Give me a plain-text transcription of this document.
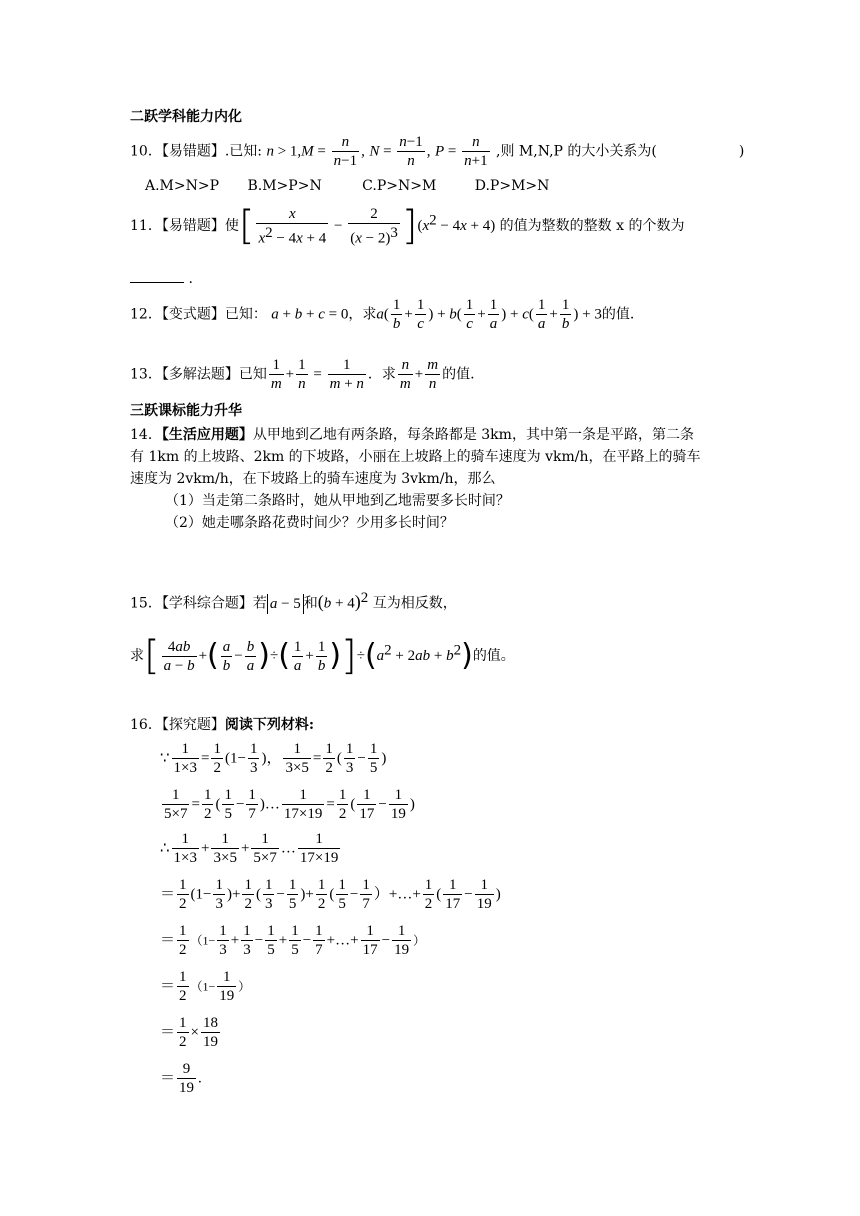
二跃学科能力内化
10．【易错题】.已知: $n > 1,M = \frac{n}{n-1}$ , $N = \frac{n-1}{n}$ , $P = \frac{n}{n+1}$ ,则 M,N,P 的大小关系为(	)
A.M>N>P B.M>P>N	C.P>N>M	D.P>M>N
11．【易错题】使[ $\frac{x}{x^2 - 4x + 4} - \frac{2}{(x - 2)^3} ](x^2 - 4x + 4)$ 的值为整数的整数 x 的个数为
.
12．【变式题】已知： a + b + c = 0，求$a( \frac{1}{b} + \frac{1}{c}$ ) + $b( \frac{1}{c} + \frac{1}{a}$ ) + $c( \frac{1}{a} + \frac{1}{b}$ ) + 3的值.
13．【多解法题】已知 $\frac{1}{m} + \frac{1}{n} = \frac{1}{m + n}$ ．求 $\frac{n}{m} + \frac{m}{n}$ 的值.
三跃课标能力升华
14．【生活应用题】从甲地到乙地有两条路，每条路都是 3km，其中第一条是平路，第二条
有 1km 的上坡路、2km 的下坡路，小丽在上坡路上的骑车速度为 vkm/h，在平路上的骑车
速度为 2vkm/h，在下坡路上的骑车速度为 3vkm/h，那么
（1）当走第二条路时，她从甲地到乙地需要多长时间？
（2）她走哪条路花费时间少？少用多长时间？
15．【学科综合题】若 a − 5 和$(b + 4)^2$ 互为相反数，
求[ $\frac{4ab}{a - b}$ +( $\frac{a}{b} - \frac{b}{a}$ )÷( $\frac{1}{a} + \frac{1}{b} )]\div(a^2 + 2ab + b^2)$的值。
16．【探究题】阅读下列材料:
∵ $\frac{1}{1\times 3} = \frac{1}{2} (1- \frac{1}{3}$ )， $\frac{1}{3\times 5} = \frac{1}{2}$ ( $\frac{1}{3} - \frac{1}{5}$ )
$\frac{1}{5\times 7} = \frac{1}{2}$ ( $\frac{1}{5} - \frac{1}{7}$ )… $\frac{1}{17\times 19} = \frac{1}{2}$ ( $\frac{1}{17} - \frac{1}{19}$ )
∴ $\frac{1}{1\times 3} + \frac{1}{3\times 5} + \frac{1}{5\times 7}$ … $\frac{1}{17\times 19}$
＝ $\frac{1}{2} (1- \frac{1}{3}$ )+ $\frac{1}{2}$ ( $\frac{1}{3} - \frac{1}{5}$ )+ $\frac{1}{2}$ ( $\frac{1}{5} - \frac{1}{7}$ ）+…+ $\frac{1}{2}$ ( $\frac{1}{17} - \frac{1}{19}$ )
＝ $\frac{1}{2} (1- \frac{1}{3} + \frac{1}{3} - \frac{1}{5} + \frac{1}{5} - \frac{1}{7}$ +…+ $\frac{1}{17} - \frac{1}{19}$ ）
＝ $\frac{1}{2} (1- \frac{1}{19}$ ）
＝ $\frac{1}{2} \times \frac{18}{19}$
＝ $\frac{9}{19}$ .
